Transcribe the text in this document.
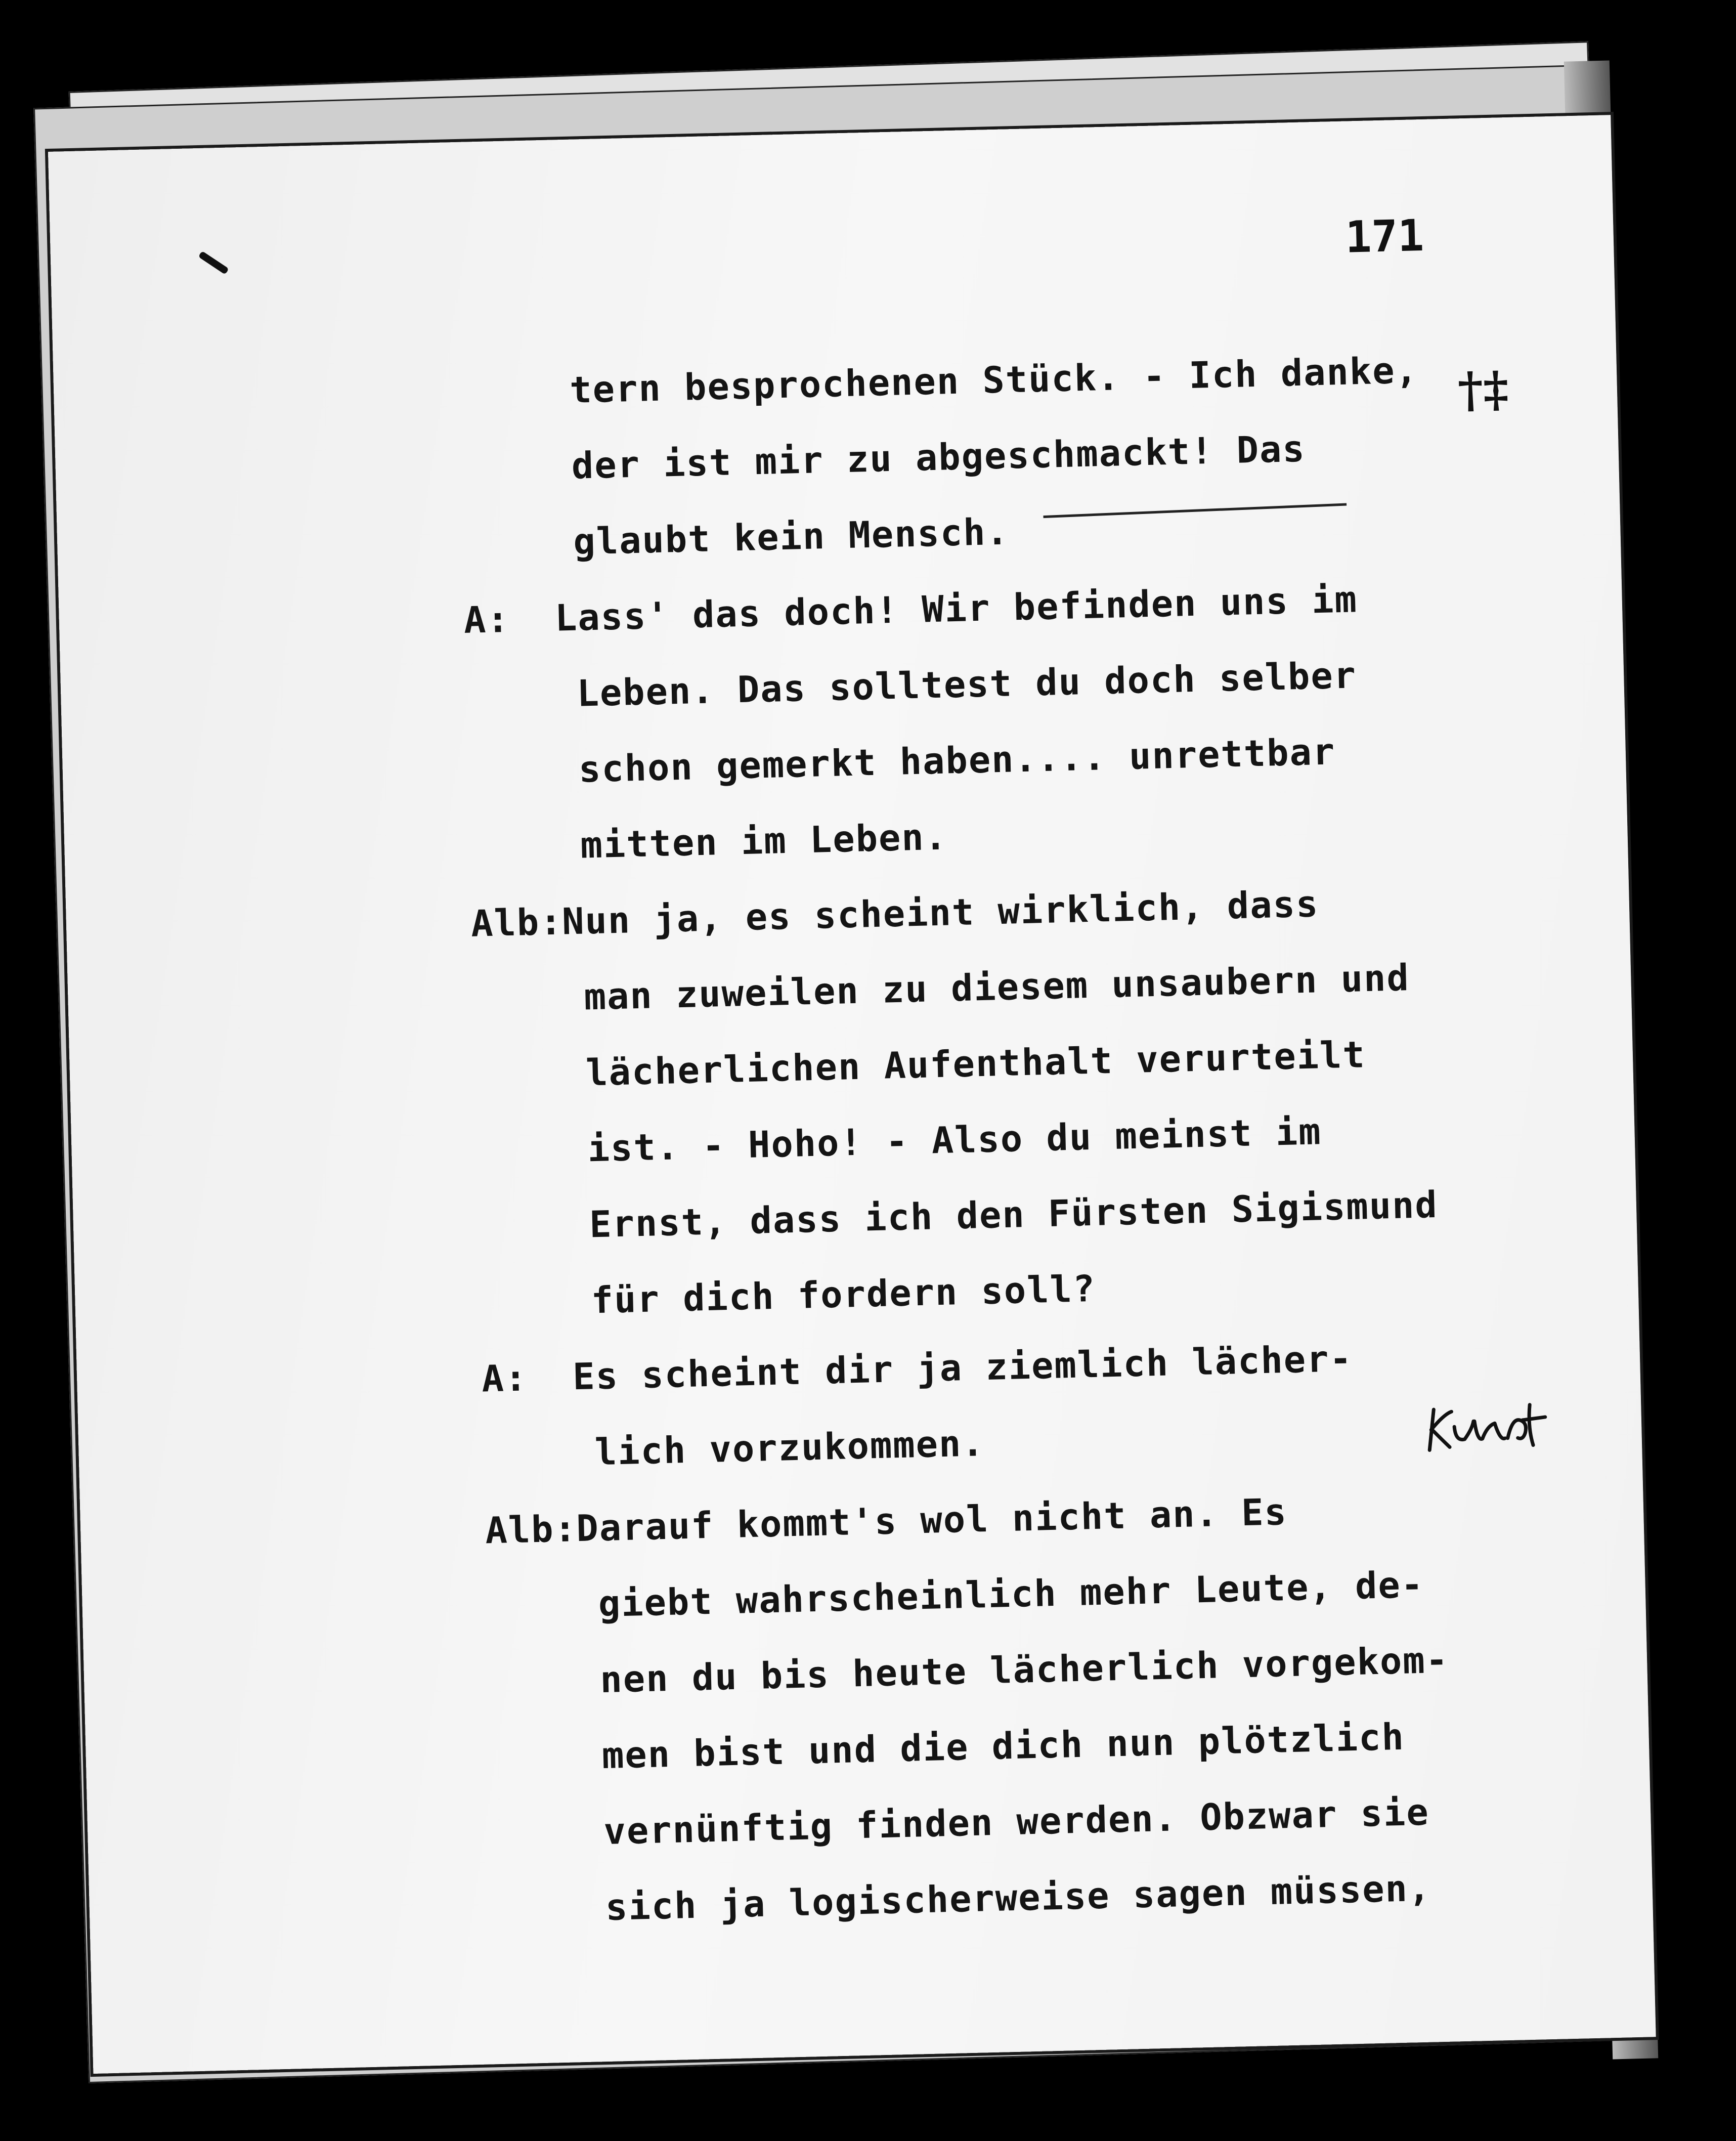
171
†‡
tern besprochenen Stück. - Ich danke,
der ist mir zu abgeschmackt! Das
glaubt kein Mensch.
A: Lass' das doch! Wir befinden uns im
Leben. Das solltest du doch selber
schon gemerkt haben.... unrettbar
mitten im Leben.
Alb:Nun ja, es scheint wirklich, dass
man zuweilen zu diesem unsaubern und
lächerlichen Aufenthalt verurteilt
ist. - Hoho! - Also du meinst im
Ernst, dass ich den Fürsten Sigismund
für dich fordern soll?
A: Es scheint dir ja ziemlich lächer-
lich vorzukommen.
Alb:Darauf kommt's wol nicht an. Es
giebt wahrscheinlich mehr Leute, de-
nen du bis heute lächerlich vorgekom-
men bist und die dich nun plötzlich
vernünftig finden werden. Obzwar sie
sich ja logischerweise sagen müssen,
